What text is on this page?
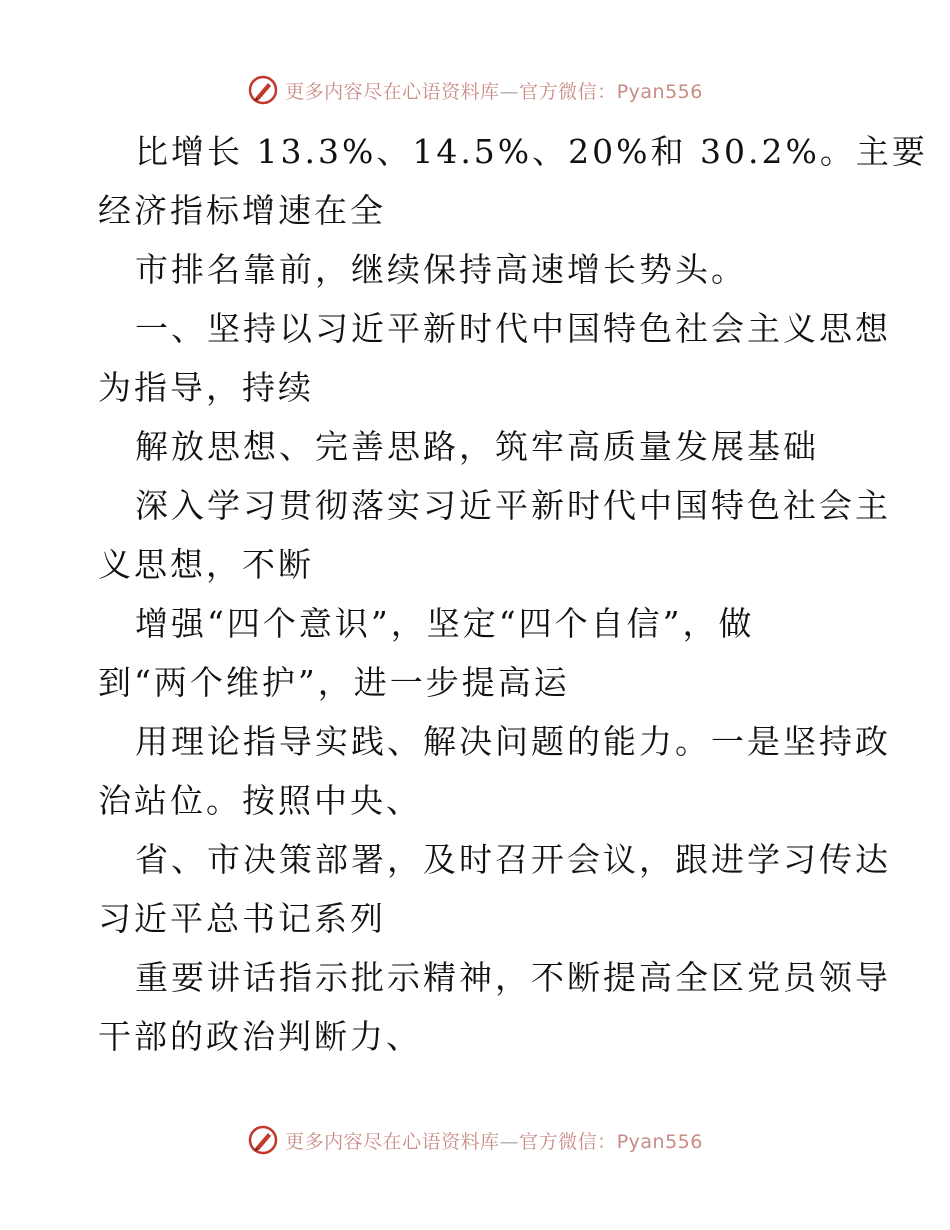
更多内容尽在心语资料库—官方微信：Pyan556
比增长 13.3%、14.5%、20%和 30.2%。主要
经济指标增速在全
市排名靠前，继续保持高速增长势头。
一、坚持以习近平新时代中国特色社会主义思想
为指导，持续
解放思想、完善思路，筑牢高质量发展基础
深入学习贯彻落实习近平新时代中国特色社会主
义思想，不断
增强“四个意识”，坚定“四个自信”，做
到“两个维护”，进一步提高运
用理论指导实践、解决问题的能力。一是坚持政
治站位。按照中央、
省、市决策部署，及时召开会议，跟进学习传达
习近平总书记系列
重要讲话指示批示精神，不断提高全区党员领导
干部的政治判断力、
更多内容尽在心语资料库—官方微信：Pyan556
